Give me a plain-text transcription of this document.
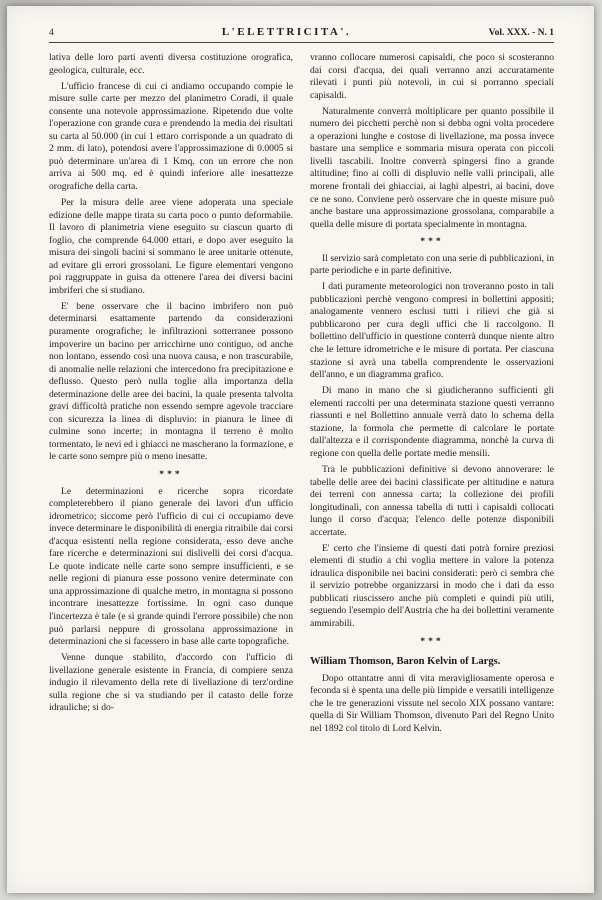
4	L'ELETTRICITA'.	Vol. XXX. - N. 1

lativa delle loro parti aventi diversa costituzione orografica, geologica, culturale, ecc.

L'ufficio francese di cui ci andiamo occupando compie le misure sulle carte per mezzo del planimetro Coradi, il quale consente una notevole approssimazione. Ripetendo due volte l'operazione con grande cura e prendendo la media dei risultati su carta al 50.000 (in cui 1 ettaro corrisponde a un quadrato di 2 mm. di lato), potendosi avere l'approssimazione di 0.0005 si può determinare un'area di 1 Kmq. con un errore che non arriva ai 500 mq. ed è quindi inferiore alle inesattezze orografiche della carta.

Per la misura delle aree viene adoperata una speciale edizione delle mappe tirata su carta poco o punto deformabile. Il lavoro di planimetria viene eseguito su ciascun quarto di foglio, che comprende 64.000 ettari, e dopo aver eseguito la misura dei singoli bacini si sommano le aree unitarie ottenute, ad evitare gli errori grossolani. Le figure elementari vengono poi raggruppate in guisa da ottenere l'area dei diversi bacini imbriferi che si studiano.

E' bene osservare che il bacino imbrifero non può determinarsi esattamente partendo da considerazioni puramente orografiche; le infiltrazioni sotterranee possono impoverire un bacino per arricchirne uno contiguo, od anche non lontano, essendo così una nuova causa, e non trascurabile, di anomalie nelle relazioni che intercedono fra precipitazione e deflusso. Questo però nulla toglie alla importanza della determinazione delle aree dei bacini, la quale presenta talvolta gravi difficoltà pratiche non essendo sempre agevole tracciare con sicurezza la linea di displuvio: in pianura le linee di culmine sono incerte; in montagna il terreno è molto tormentato, le nevi ed i ghiacci ne mascherano la formazione, e le carte sono sempre più o meno inesatte.

***

Le determinazioni e ricerche sopra ricordate completerebbero il piano generale dei lavori d'un ufficio idrometrico; siccome però l'ufficio di cui ci occupiamo deve invece determinare le disponibilità di energia ritraibile dai corsi d'acqua esistenti nella regione considerata, esso deve anche fare ricerche e determinazioni sui dislivelli dei corsi d'acqua. Le quote indicate nelle carte sono sempre insufficienti, e se nelle regioni di pianura esse possono venire determinate con una approssimazione di qualche metro, in montagna si possono incontrare inesattezze fortissime. In ogni caso dunque l'incertezza è tale (e sì grande quindi l'errore possibile) che non può parlarsi neppure di grossolana approssimazione in determinazioni che si facessero in base alle carte topografiche.

Venne dunque stabilito, d'accordo con l'ufficio di livellazione generale esistente in Francia, di compiere senza indugio il rilevamento della rete di livellazione di terz'ordine sulla regione che si va studiando per il catasto delle forze idrauliche; si do-

vranno collocare numerosi capisaldi, che poco si scosteranno dai corsi d'acqua, dei quali verranno anzi accuratamente rilevati i punti più notevoli, in cui si porranno speciali capisaldi.

Naturalmente converrà moltiplicare per quanto possibile il numero dei picchetti perchè non si debba ogni volta procedere a operazioni lunghe e costose di livellazione, ma possa invece bastare una semplice e sommaria misura operata con piccoli livelli tascabili. Inoltre converrà spingersi fino a grande altitudine; fino ai colli di displuvio nelle valli principali, alle morene frontali dei ghiacciai, ai laghi alpestri, ai bacini, dove ce ne sono. Conviene però osservare che in queste misure può anche bastare una approssimazione grossolana, comparabile a quella delle misure di portata specialmente in montagna.

***

Il servizio sarà completato con una serie di pubblicazioni, in parte periodiche e in parte definitive.

I dati puramente meteorologici non troveranno posto in tali pubblicazioni perchè vengono compresi in bollettini appositi; analogamente vennero esclusi tutti i rilievi che già si pubblicarono per cura degli uffici che li raccolgono. Il bollettino dell'ufficio in questione conterrà dunque niente altro che le letture idrometriche e le misure di portata. Per ciascuna stazione si avrà una tabella comprendente le osservazioni dell'anno, e un diagramma grafico.

Di mano in mano che si giudicheranno sufficienti gli elementi raccolti per una determinata stazione questi verranno riassunti e nel Bollettino annuale verrà dato lo schema della stazione, la formola che permette di calcolare le portate dall'altezza e il corrispondente diagramma, nonchè la curva di regione con quella delle portate medie mensili.

Tra le pubblicazioni definitive si devono annoverare: le tabelle delle aree dei bacini classificate per altitudine e natura dei terreni con annessa carta; la collezione dei profili longitudinali, con annessa tabella di tutti i capisaldi collocati lungo il corso d'acqua; l'elenco delle potenze disponibili accertate.

E' certo che l'insieme di questi dati potrà fornire preziosi elementi di studio a chi voglia mettere in valore la potenza idraulica disponibile nei bacini considerati: però ci sembra che il servizio potrebbe organizzarsi in modo che i dati da esso pubblicati riuscissero anche più completi e quindi più utili, seguendo l'esempio dell'Austria che ha dei bollettini veramente ammirabili.

***

William Thomson, Baron Kelvin of Largs.

Dopo ottantatre anni di vita meravigliosamente operosa e feconda si è spenta una delle più limpide e versatili intelligenze che le tre generazioni vissute nel secolo XIX possano vantare: quella di Sir William Thomson, divenuto Pari del Regno Unito nel 1892 col titolo di Lord Kelvin.
